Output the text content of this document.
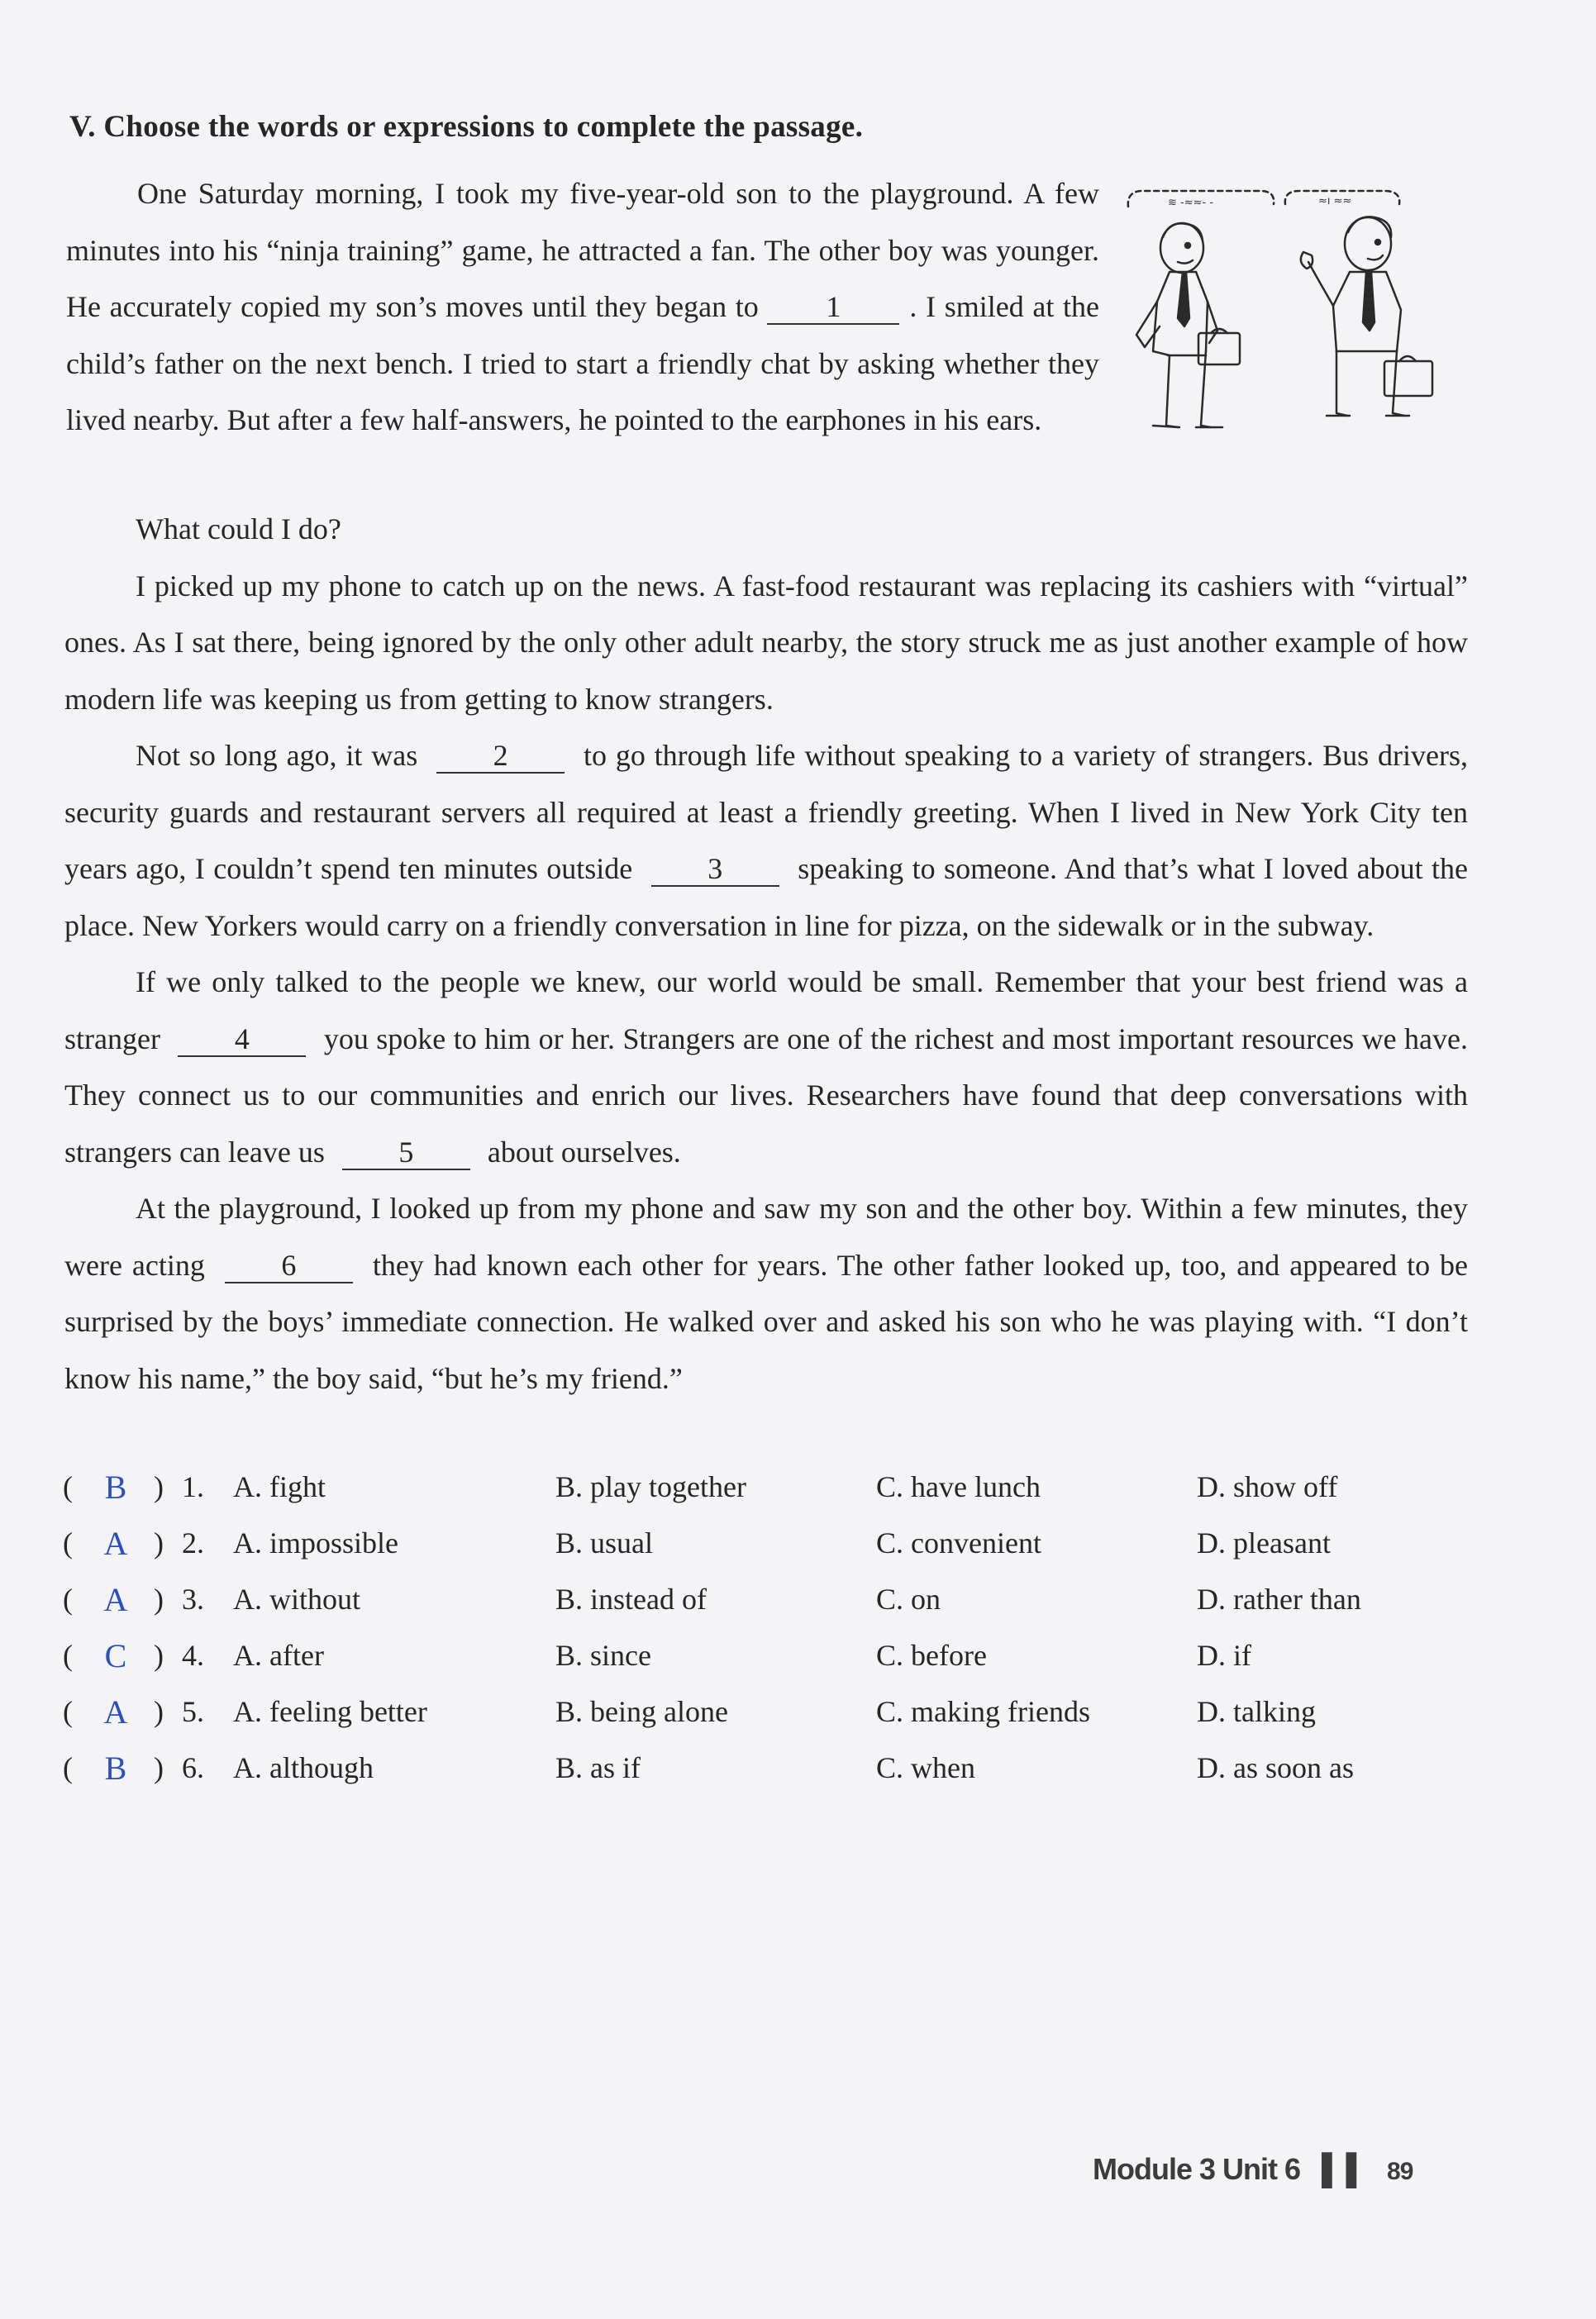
V. Choose the words or expressions to complete the passage.

One Saturday morning, I took my five-year-old son to the playground. A few minutes into his “ninja training” game, he attracted a fan. The other boy was younger. He accurately copied my son’s moves until they began to 1 . I smiled at the child’s father on the next bench. I tried to start a friendly chat by asking whether they lived nearby. But after a few half-answers, he pointed to the earphones in his ears.

≋ -≈≈- -	≈ı ≈≈

What could I do?

I picked up my phone to catch up on the news. A fast-food restaurant was replacing its cashiers with “virtual” ones. As I sat there, being ignored by the only other adult nearby, the story struck me as just another example of how modern life was keeping us from getting to know strangers.

Not so long ago, it was	2	to go through life without speaking to a variety of strangers. Bus drivers, security guards and restaurant servers all required at least a friendly greeting. When I lived in New York City ten years ago, I couldn’t spend ten minutes outside	3	speaking to someone. And that’s what I loved about the place. New Yorkers would carry on a friendly conversation in line for pizza, on the sidewalk or in the subway.

If we only talked to the people we knew, our world would be small. Remember that your best friend was a stranger 4 you spoke to him or her. Strangers are one of the richest and most important resources we have. They connect us to our communities and enrich our lives. Researchers have found that deep conversations with strangers can leave us 5 about ourselves.

At the playground, I looked up from my phone and saw my son and the other boy. Within a few minutes, they were acting	6	they had known each other for years. The other father looked up, too, and appeared to be surprised by the boys’ immediate connection. He walked over and asked his son who he was playing with. “I don’t know his name,” the boy said, “but he’s my friend.”

( B ) 1. A. fight	B. play together	C. have lunch	D. show off
( A ) 2. A. impossible	B. usual	C. convenient	D. pleasant
( A ) 3. A. without	B. instead of	C. on	D. rather than
( C ) 4. A. after	B. since	C. before	D. if
( A ) 5. A. feeling better	B. being alone	C. making friends	D. talking
( B ) 6. A. although	B. as if	C. when	D. as soon as
Module 3 Unit 6 ▌▌ 89
